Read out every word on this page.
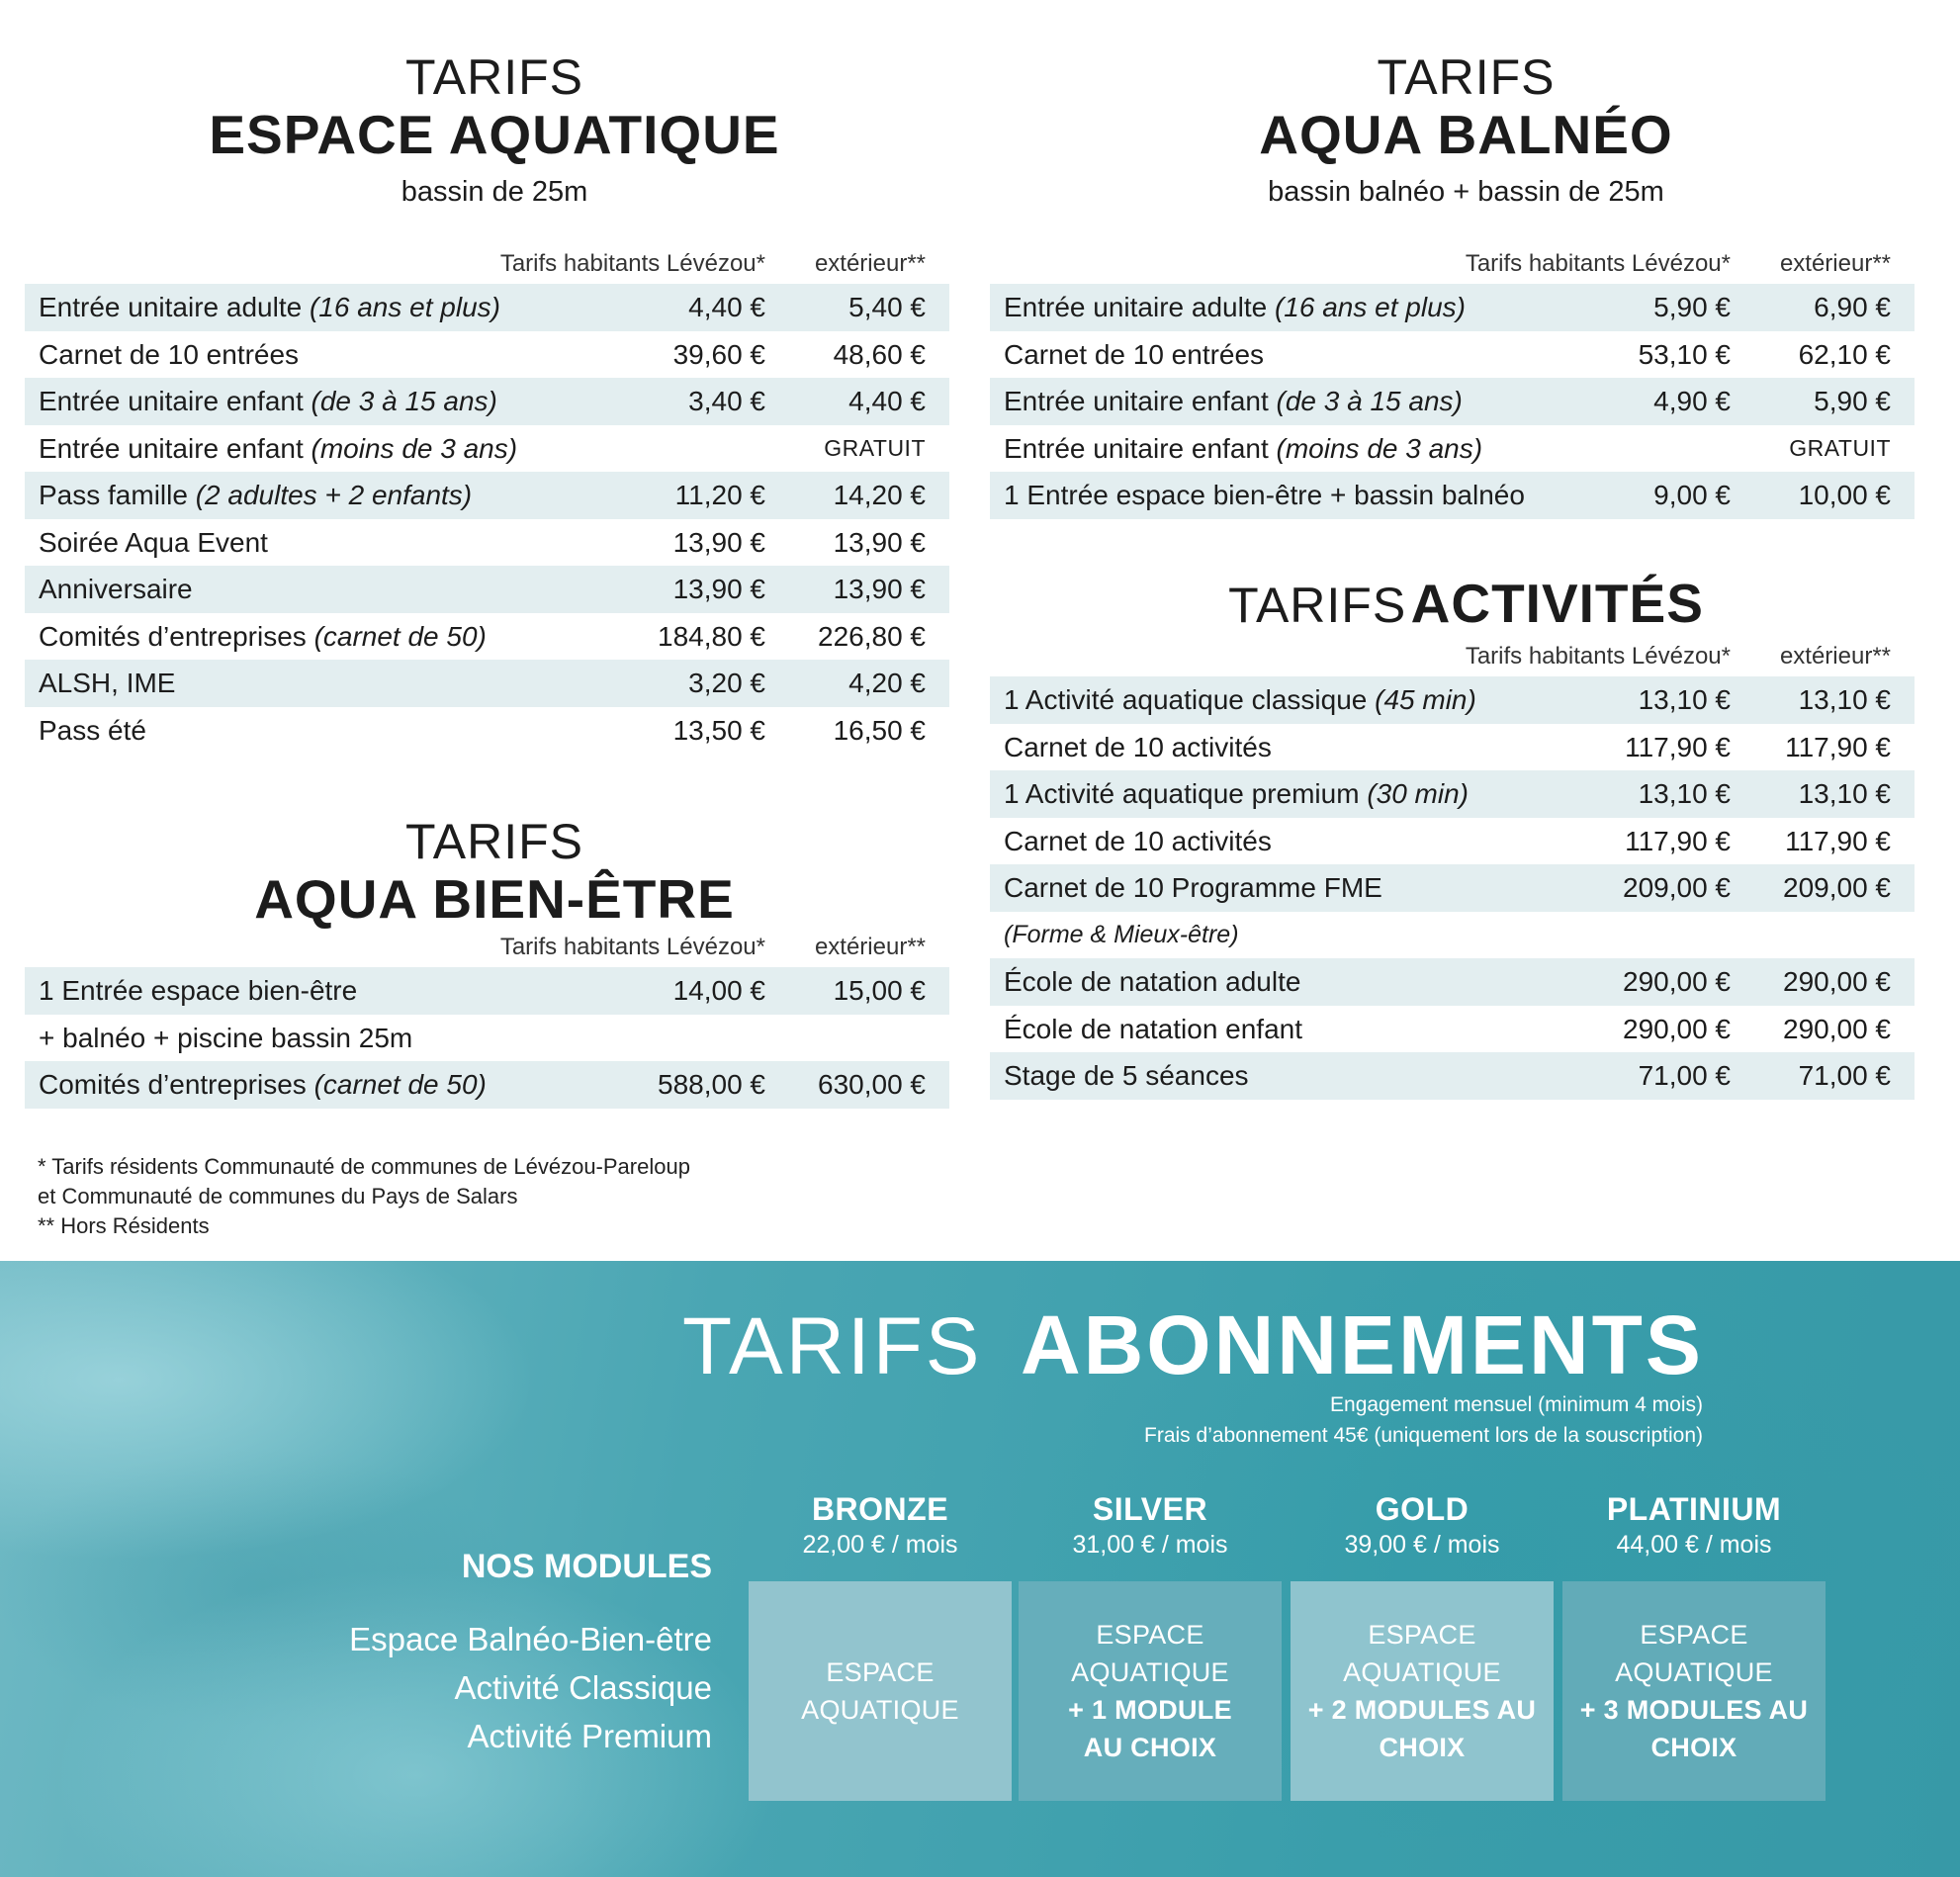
TARIFS
ESPACE AQUATIQUE
bassin de 25m
Tarifs habitants Lévézou* extérieur**
Entrée unitaire adulte (16 ans et plus)	4,40 €	5,40 €
Carnet de 10 entrées	39,60 € 48,60 €
Entrée unitaire enfant (de 3 à 15 ans)	3,40 €	4,40 €
Entrée unitaire enfant (moins de 3 ans)	GRATUIT
Pass famille (2 adultes + 2 enfants)	11,20 € 14,20 €
Soirée Aqua Event	13,90 € 13,90 €
Anniversaire	13,90 € 13,90 €
Comités d’entreprises (carnet de 50)	184,80 € 226,80 €
ALSH, IME	3,20 €	4,20 €
Pass été	13,50 € 16,50 €
TARIFS
AQUA BIEN-ÊTRE
Tarifs habitants Lévézou* extérieur**
1 Entrée espace bien-être	14,00 € 15,00 €
+ balnéo + piscine bassin 25m
Comités d’entreprises (carnet de 50)	588,00 € 630,00 €
* Tarifs résidents Communauté de communes de Lévézou-Pareloup
et Communauté de communes du Pays de Salars
** Hors Résidents
TARIFS
AQUA BALNÉO
bassin balnéo + bassin de 25m
Tarifs habitants Lévézou* extérieur**
Entrée unitaire adulte (16 ans et plus)	5,90 €	6,90 €
Carnet de 10 entrées	53,10 € 62,10 €
Entrée unitaire enfant (de 3 à 15 ans)	4,90 €	5,90 €
Entrée unitaire enfant (moins de 3 ans)	GRATUIT
1 Entrée espace bien-être + bassin balnéo	9,00 € 10,00 €
TARIFS ACTIVITÉS
Tarifs habitants Lévézou* extérieur**
1 Activité aquatique classique (45 min)	13,10 € 13,10 €
Carnet de 10 activités	117,90 € 117,90 €
1 Activité aquatique premium (30 min)	13,10 € 13,10 €
Carnet de 10 activités	117,90 € 117,90 €
Carnet de 10 Programme FME	209,00 € 209,00 €
(Forme & Mieux-être)
École de natation adulte	290,00 € 290,00 €
École de natation enfant	290,00 € 290,00 €
Stage de 5 séances	71,00 € 71,00 €
TARIFS ABONNEMENTS
Engagement mensuel (minimum 4 mois)
Frais d’abonnement 45€ (uniquement lors de la souscription)
NOS MODULES
Espace Balnéo-Bien-être
Activité Classique
Activité Premium
BRONZE
22,00 € / mois
SILVER
31,00 € / mois
GOLD
39,00 € / mois
PLATINIUM
44,00 € / mois
ESPACE
AQUATIQUE
ESPACE
AQUATIQUE
+ 1 MODULE
AU CHOIX
ESPACE
AQUATIQUE
+ 2 MODULES AU
CHOIX
ESPACE
AQUATIQUE
+ 3 MODULES AU
CHOIX
